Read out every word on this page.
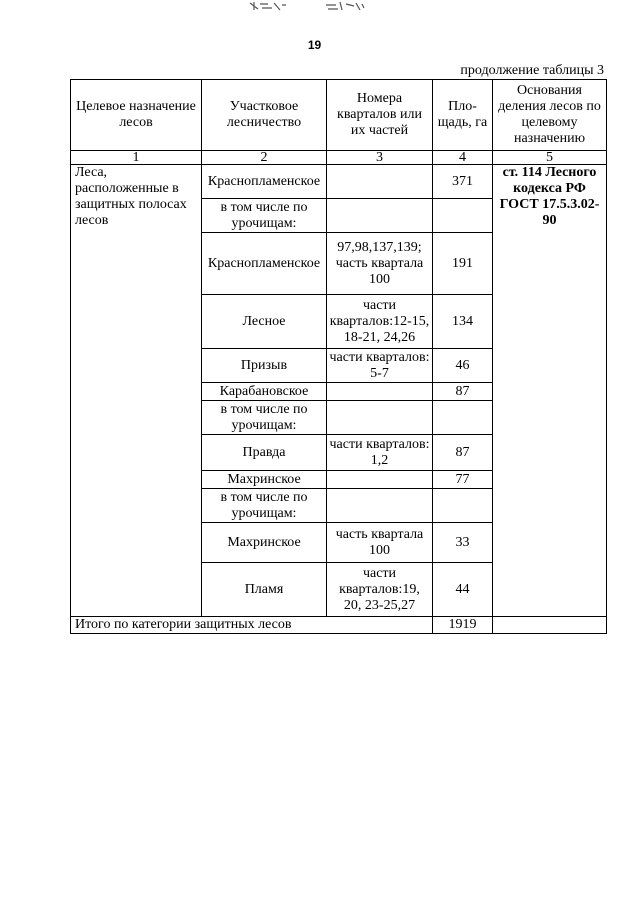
19
продолжение таблицы 3
Целевое назначение лесов	Участковое лесничество	Номера кварталов или их частей	Пло-щадь, га	Основания деления лесов по целевому назначению
1	2	3	4	5
Леса, расположенные в защитных полосах лесов	Краснопламенское		371	ст. 114 Лесного кодекса РФ ГОСТ 17.5.3.02-90
	в том числе по урочищам:			
	Краснопламенское	97,98,137,139; часть квартала 100	191	
	Лесное	части кварталов:12-15, 18-21, 24,26	134	
	Призыв	части кварталов: 5-7	46	
	Карабановское		87	
	в том числе по урочищам:			
	Правда	части кварталов: 1,2	87	
	Махринское		77	
	в том числе по урочищам:			
	Махринское	часть квартала 100	33	
	Пламя	части кварталов:19, 20, 23-25,27	44	
Итого по категории защитных лесов			1919	
